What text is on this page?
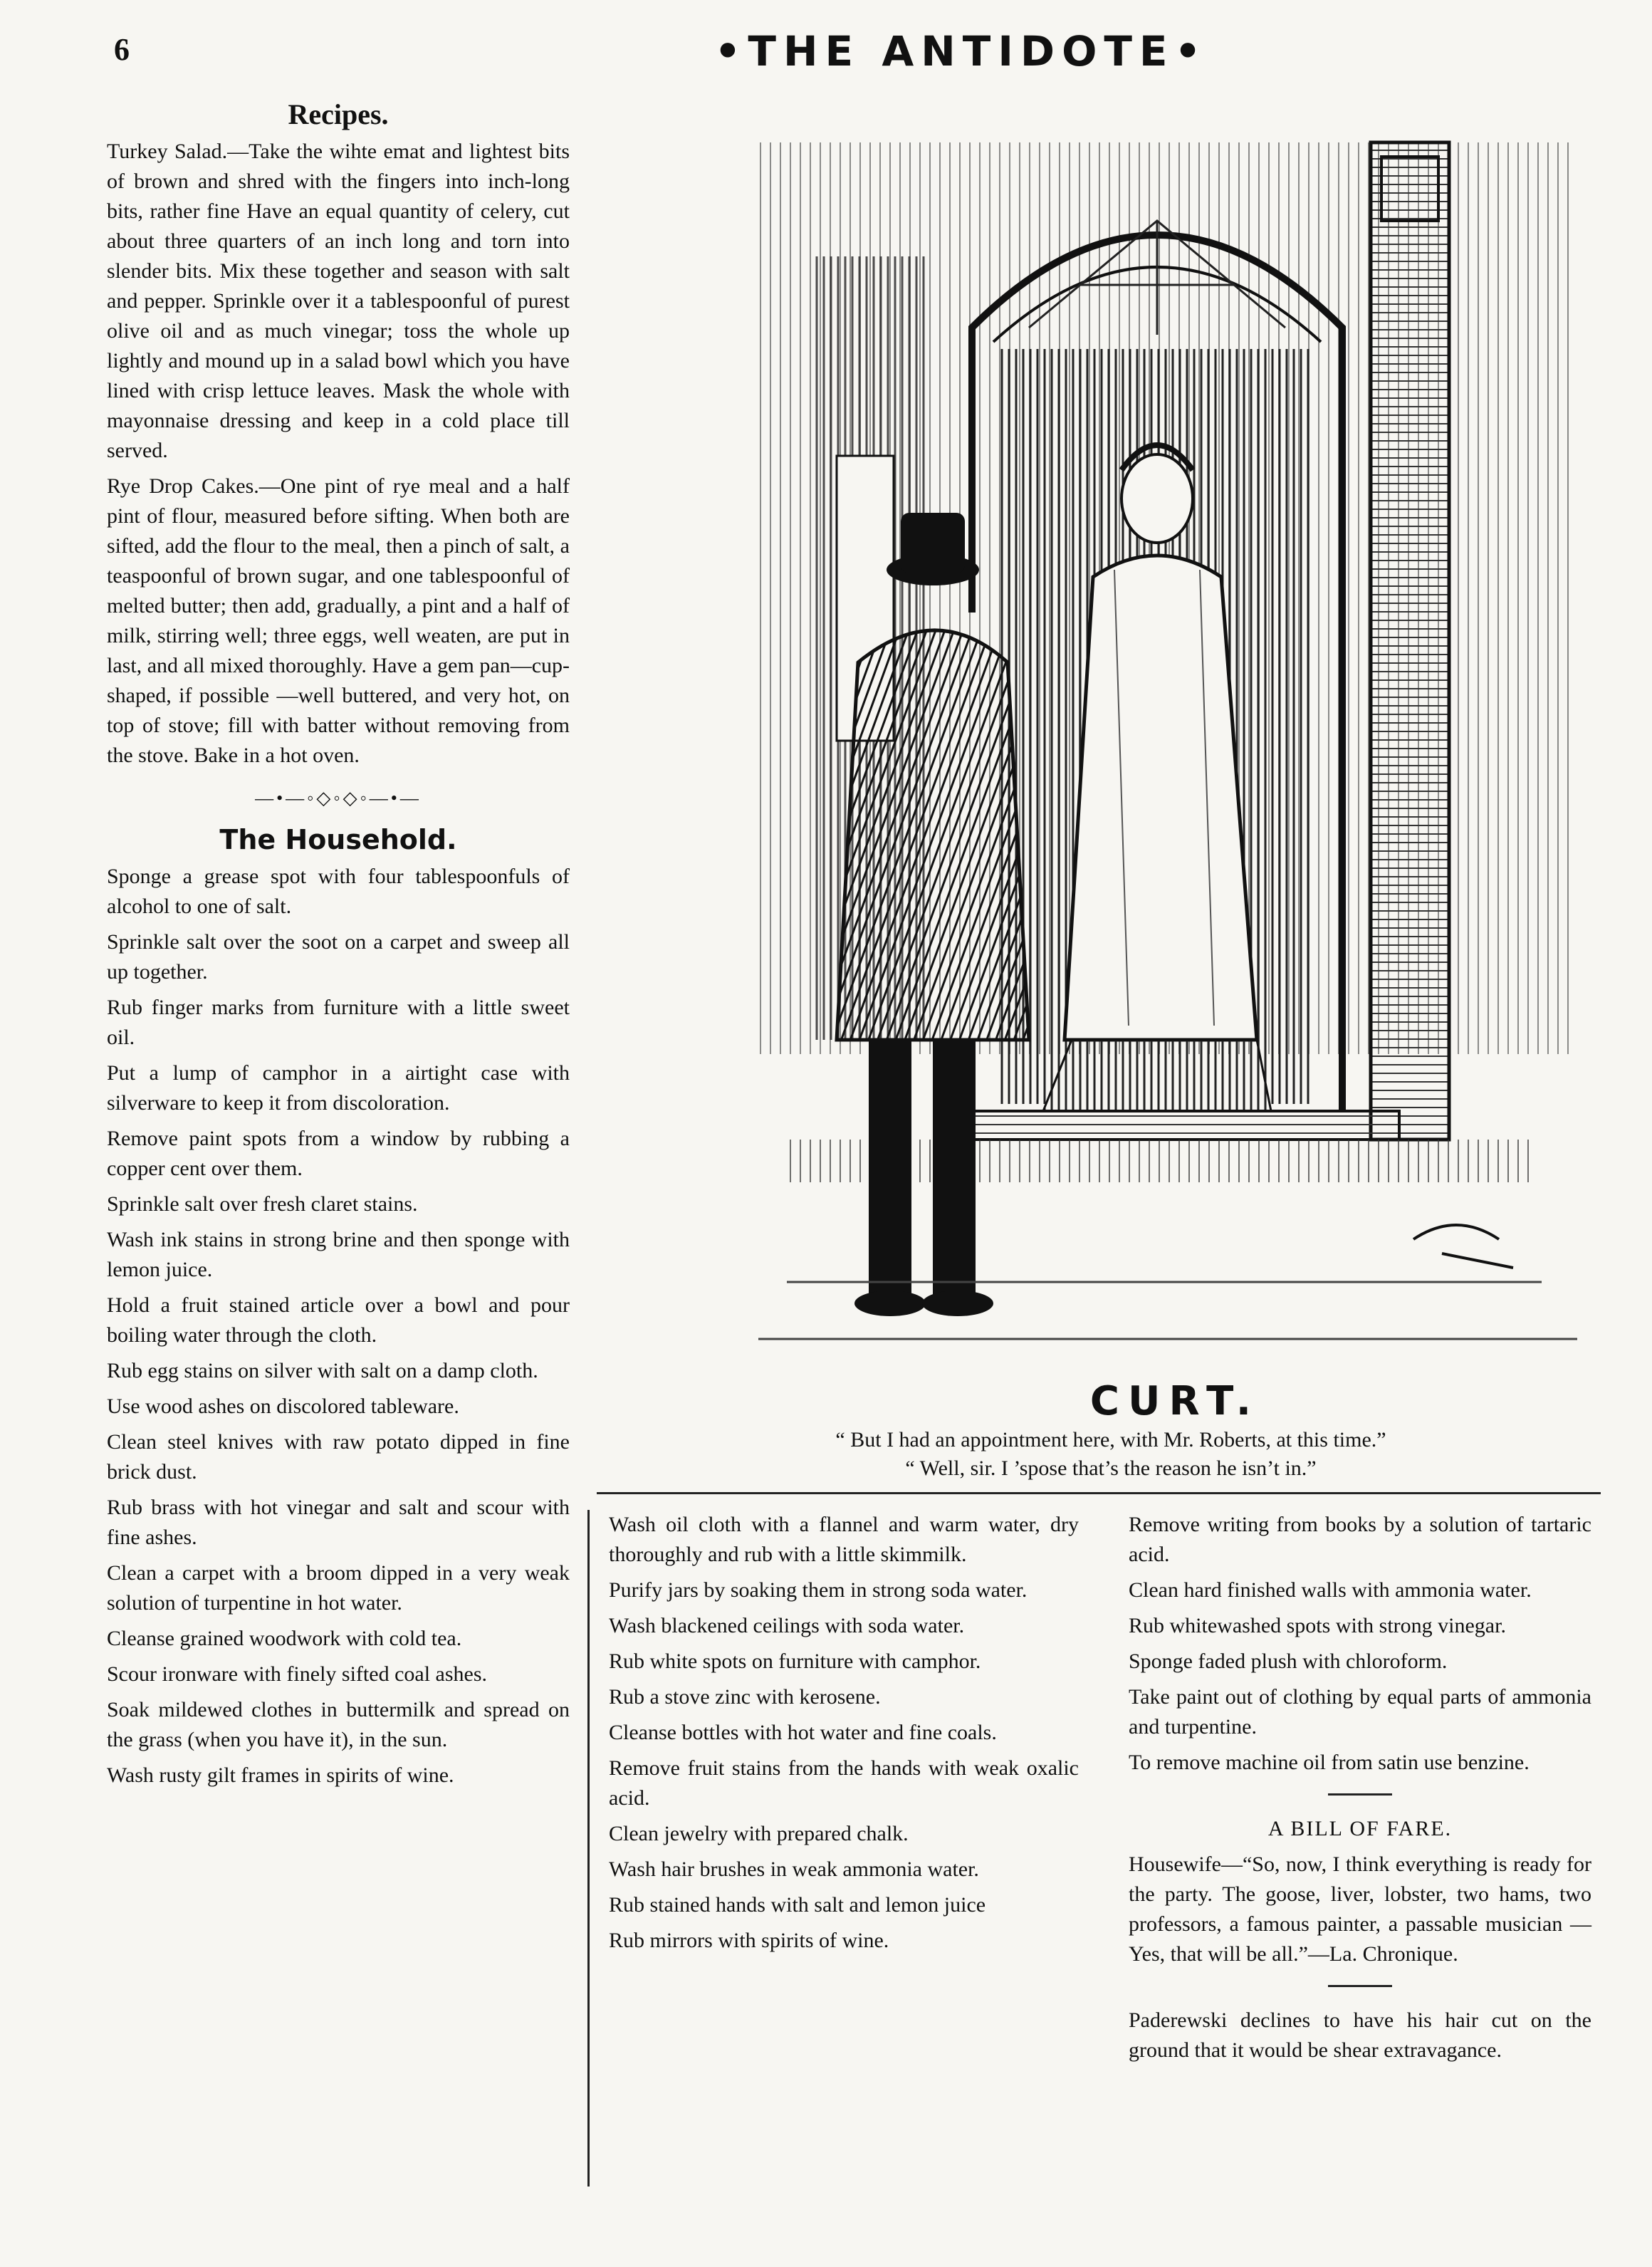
6	•THE ANTIDOTE•
Recipes.

Turkey Salad.—Take the wihte emat and lightest bits of brown and shred with the fingers into inch-long bits, rather fine Have an equal quantity of celery, cut about three quarters of an inch long and torn into slender bits. Mix these together and season with salt and pepper. Sprinkle over it a tablespoonful of purest olive oil and as much vinegar; toss the whole up lightly and mound up in a salad bowl which you have lined with crisp lettuce leaves. Mask the whole with mayonnaise dressing and keep in a cold place till served.

Rye Drop Cakes.—One pint of rye meal and a half pint of flour, measured before sifting. When both are sifted, add the flour to the meal, then a pinch of salt, a teaspoonful of brown sugar, and one tablespoonful of melted butter; then add, gradually, a pint and a half of milk, stirring well; three eggs, well weaten, are put in last, and all mixed thoroughly. Have a gem pan—cup-shaped, if possible —well buttered, and very hot, on top of stove; fill with batter without removing from the stove. Bake in a hot oven.

—•—◦◇◦◇◦—•—
The Household.

Sponge a grease spot with four tablespoonfuls of alcohol to one of salt.

Sprinkle salt over the soot on a carpet and sweep all up together.

Rub finger marks from furniture with a little sweet oil.

Put a lump of camphor in a airtight case with silverware to keep it from discoloration.

Remove paint spots from a window by rubbing a copper cent over them.

Sprinkle salt over fresh claret stains.

Wash ink stains in strong brine and then sponge with lemon juice.

Hold a fruit stained article over a bowl and pour boiling water through the cloth.

Rub egg stains on silver with salt on a damp cloth.

Use wood ashes on discolored tableware.

Clean steel knives with raw potato dipped in fine brick dust.

Rub brass with hot vinegar and salt and scour with fine ashes.

Clean a carpet with a broom dipped in a very weak solution of turpentine in hot water.

Cleanse grained woodwork with cold tea.

Scour ironware with finely sifted coal ashes.

Soak mildewed clothes in buttermilk and spread on the grass (when you have it), in the sun.

Wash rusty gilt frames in spirits of wine.

CURT.
“ But I had an appointment here, with Mr. Roberts, at this time.”
“ Well, sir. I ’spose that’s the reason he isn’t in.”

Wash oil cloth with a flannel and warm water, dry thoroughly and rub with a little skimmilk.

Purify jars by soaking them in strong soda water.

Wash blackened ceilings with soda water.

Rub white spots on furniture with camphor.

Rub a stove zinc with kerosene.

Cleanse bottles with hot water and fine coals.

Remove fruit stains from the hands with weak oxalic acid.

Clean jewelry with prepared chalk.

Wash hair brushes in weak ammonia water.

Rub stained hands with salt and lemon juice

Rub mirrors with spirits of wine.

Remove writing from books by a solution of tartaric acid.

Clean hard finished walls with ammonia water.

Rub whitewashed spots with strong vinegar.

Sponge faded plush with chloroform.

Take paint out of clothing by equal parts of ammonia and turpentine.

To remove machine oil from satin use benzine.

A BILL OF FARE.

Housewife—“So, now, I think everything is ready for the party. The goose, liver, lobster, two hams, two professors, a famous painter, a passable musician —Yes, that will be all.”—La. Chronique.

Paderewski declines to have his hair cut on the ground that it would be shear extravagance.
